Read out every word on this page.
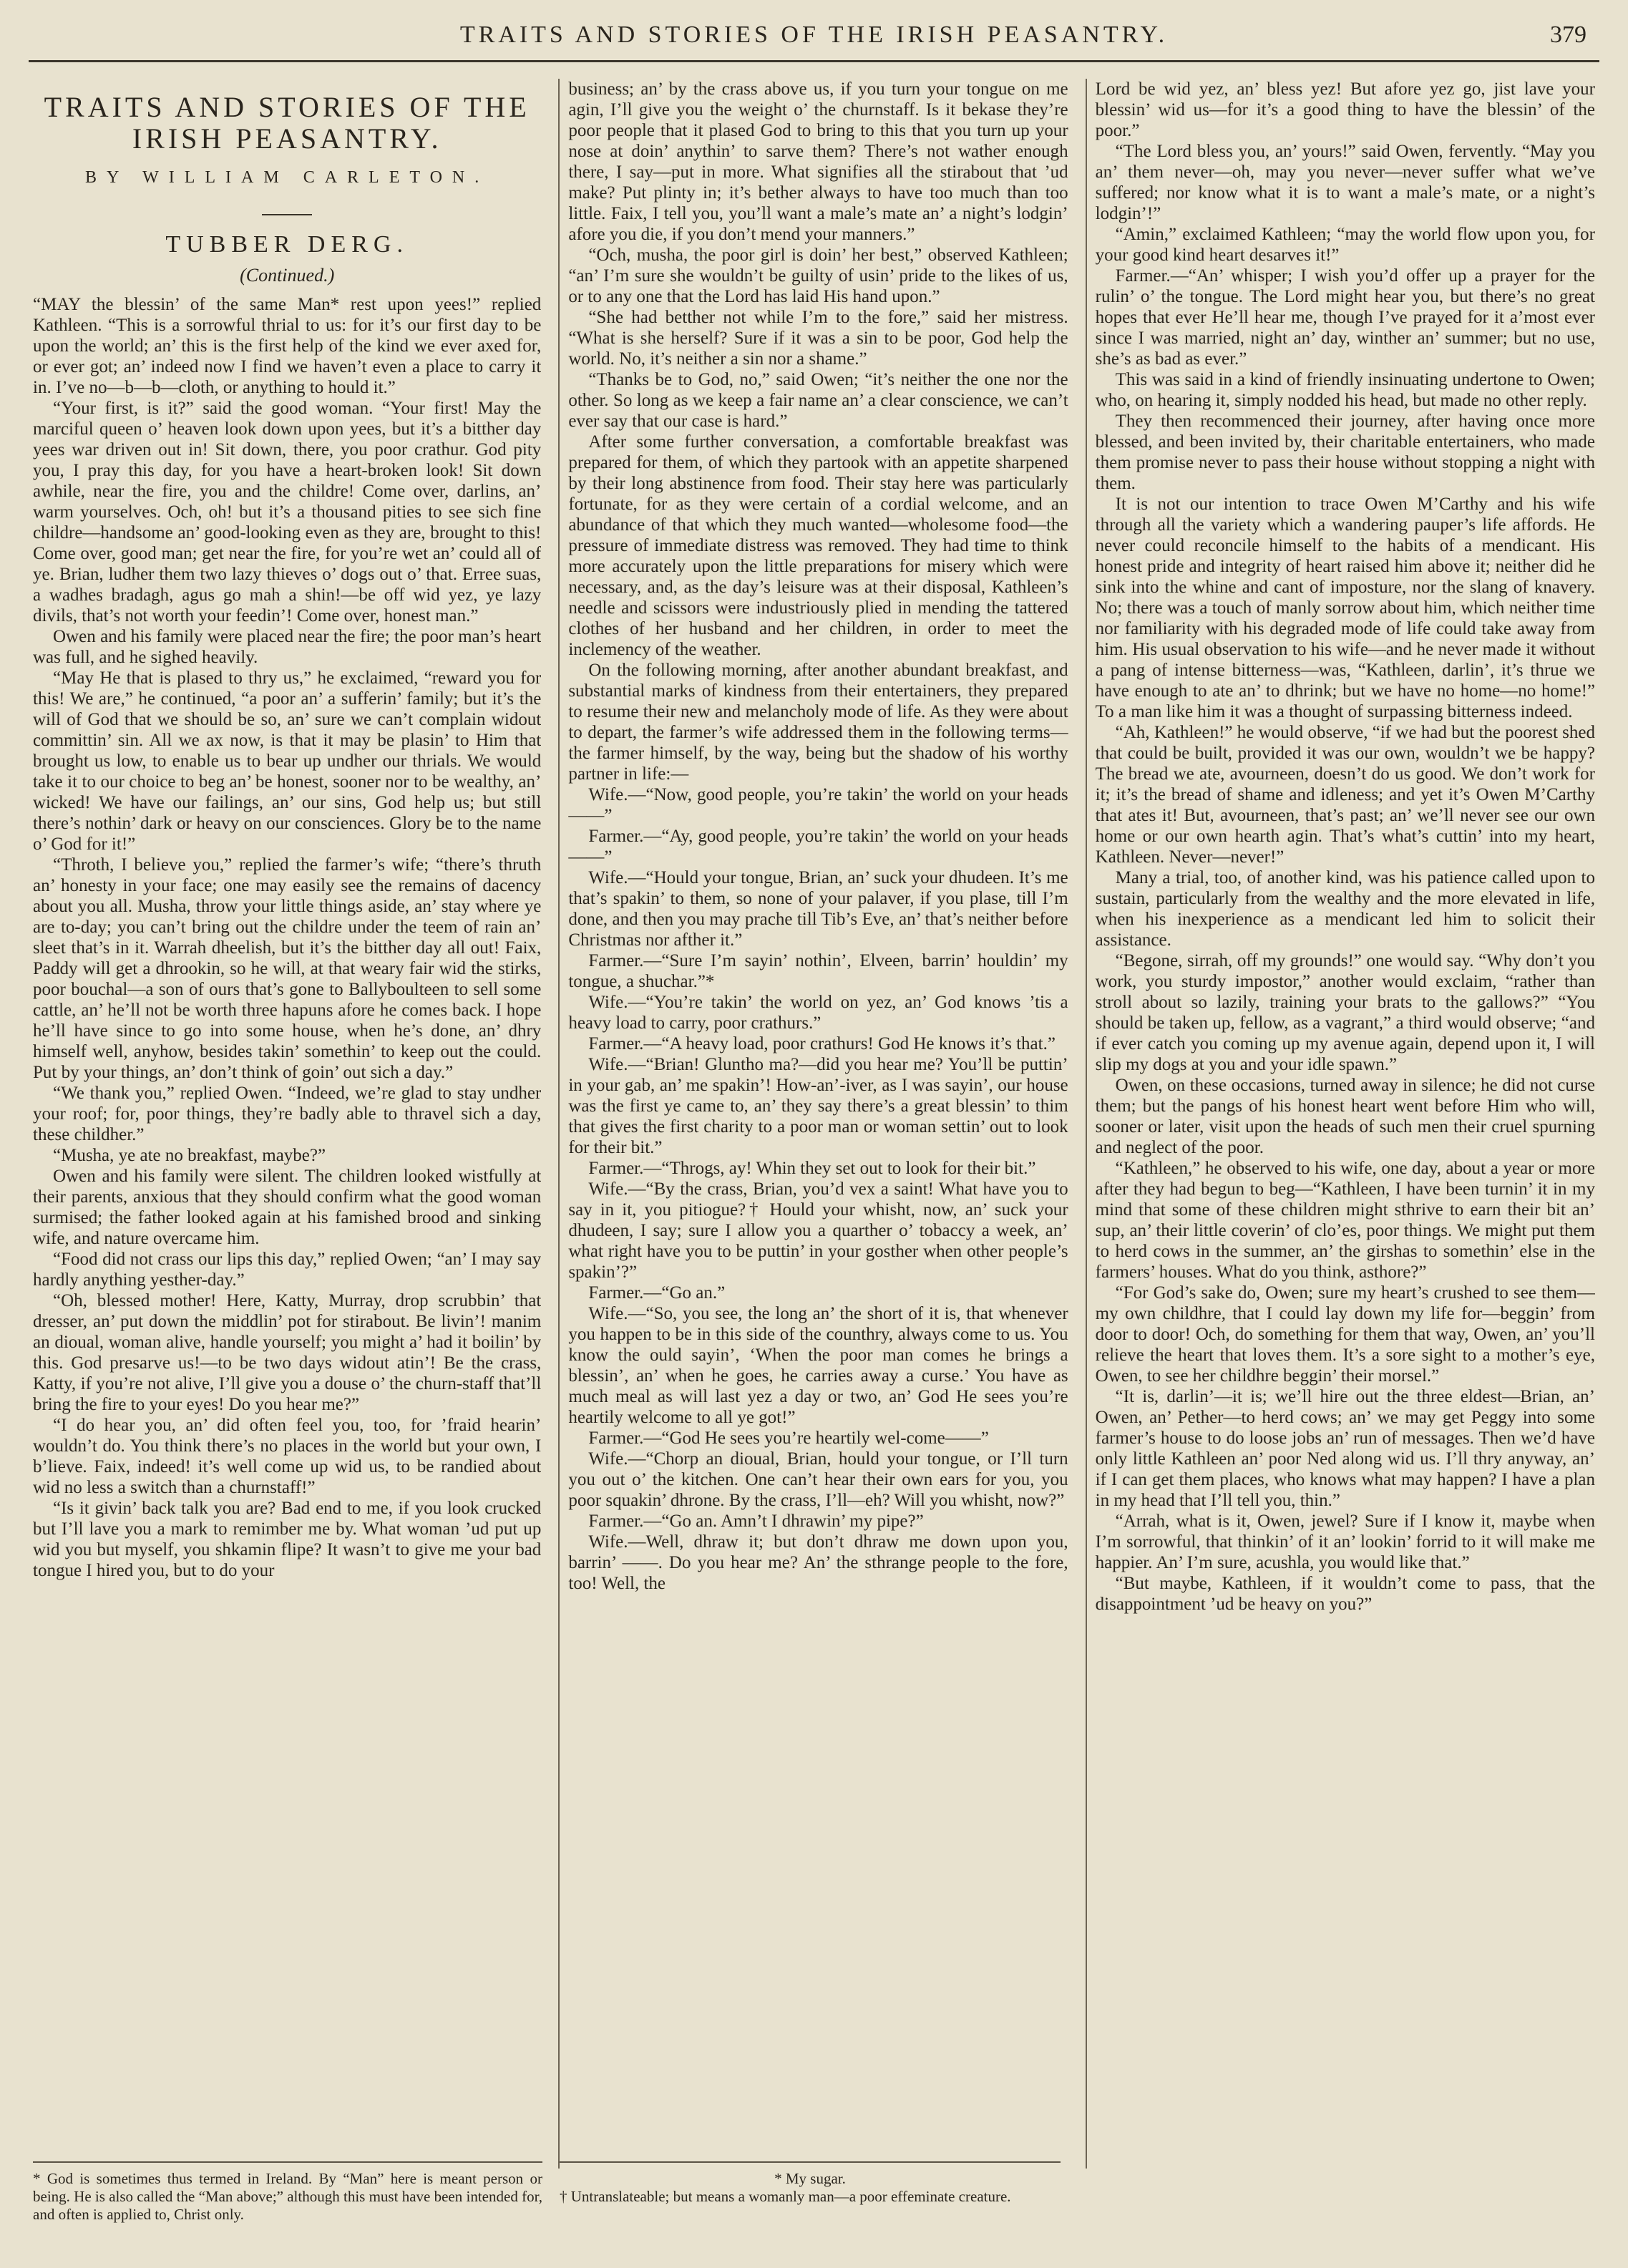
TRAITS AND STORIES OF THE IRISH PEASANTRY.	379
TRAITS AND STORIES OF THE IRISH PEASANTRY.
BY WILLIAM CARLETON.
TUBBER DERG.
(Continued.)

“MAY the blessin’ of the same Man* rest upon yees!” replied Kathleen. “This is a sorrowful thrial to us: for it’s our first day to be upon the world; an’ this is the first help of the kind we ever axed for, or ever got; an’ indeed now I find we haven’t even a place to carry it in. I’ve no—b—b—cloth, or anything to hould it.”

“Your first, is it?” said the good woman. “Your first! May the marciful queen o’ heaven look down upon yees, but it’s a bitther day yees war driven out in! Sit down, there, you poor crathur. God pity you, I pray this day, for you have a heart-broken look! Sit down awhile, near the fire, you and the childre! Come over, darlins, an’ warm yourselves. Och, oh! but it’s a thousand pities to see sich fine childre—handsome an’ good-looking even as they are, brought to this! Come over, good man; get near the fire, for you’re wet an’ could all of ye. Brian, ludher them two lazy thieves o’ dogs out o’ that. Erree suas, a wadhes bradagh, agus go mah a shin!—be off wid yez, ye lazy divils, that’s not worth your feedin’! Come over, honest man.”

Owen and his family were placed near the fire; the poor man’s heart was full, and he sighed heavily.

“May He that is plased to thry us,” he exclaimed, “reward you for this! We are,” he continued, “a poor an’ a sufferin’ family; but it’s the will of God that we should be so, an’ sure we can’t complain widout committin’ sin. All we ax now, is that it may be plasin’ to Him that brought us low, to enable us to bear up undher our thrials. We would take it to our choice to beg an’ be honest, sooner nor to be wealthy, an’ wicked! We have our failings, an’ our sins, God help us; but still there’s nothin’ dark or heavy on our consciences. Glory be to the name o’ God for it!”

“Throth, I believe you,” replied the farmer’s wife; “there’s thruth an’ honesty in your face; one may easily see the remains of dacency about you all. Musha, throw your little things aside, an’ stay where ye are to-day; you can’t bring out the childre under the teem of rain an’ sleet that’s in it. Warrah dheelish, but it’s the bitther day all out! Faix, Paddy will get a dhrookin, so he will, at that weary fair wid the stirks, poor bouchal—a son of ours that’s gone to Ballyboulteen to sell some cattle, an’ he’ll not be worth three hapuns afore he comes back. I hope he’ll have since to go into some house, when he’s done, an’ dhry himself well, anyhow, besides takin’ somethin’ to keep out the could. Put by your things, an’ don’t think of goin’ out sich a day.”

“We thank you,” replied Owen. “Indeed, we’re glad to stay undher your roof; for, poor things, they’re badly able to thravel sich a day, these childher.”

“Musha, ye ate no breakfast, maybe?”

Owen and his family were silent. The children looked wistfully at their parents, anxious that they should confirm what the good woman surmised; the father looked again at his famished brood and sinking wife, and nature overcame him.

“Food did not crass our lips this day,” replied Owen; “an’ I may say hardly anything yesther-day.”

“Oh, blessed mother! Here, Katty, Murray, drop scrubbin’ that dresser, an’ put down the middlin’ pot for stirabout. Be livin’! manim an dioual, woman alive, handle yourself; you might a’ had it boilin’ by this. God presarve us!—to be two days widout atin’! Be the crass, Katty, if you’re not alive, I’ll give you a douse o’ the churn-staff that’ll bring the fire to your eyes! Do you hear me?”

“I do hear you, an’ did often feel you, too, for ’fraid hearin’ wouldn’t do. You think there’s no places in the world but your own, I b’lieve. Faix, indeed! it’s well come up wid us, to be randied about wid no less a switch than a churnstaff!”

“Is it givin’ back talk you are? Bad end to me, if you look crucked but I’ll lave you a mark to remimber me by. What woman ’ud put up wid you but myself, you shkamin flipe? It wasn’t to give me your bad tongue I hired you, but to do your

business; an’ by the crass above us, if you turn your tongue on me agin, I’ll give you the weight o’ the churnstaff. Is it bekase they’re poor people that it plased God to bring to this that you turn up your nose at doin’ anythin’ to sarve them? There’s not wather enough there, I say—put in more. What signifies all the stirabout that ’ud make? Put plinty in; it’s bether always to have too much than too little. Faix, I tell you, you’ll want a male’s mate an’ a night’s lodgin’ afore you die, if you don’t mend your manners.”

“Och, musha, the poor girl is doin’ her best,” observed Kathleen; “an’ I’m sure she wouldn’t be guilty of usin’ pride to the likes of us, or to any one that the Lord has laid His hand upon.”

“She had betther not while I’m to the fore,” said her mistress. “What is she herself? Sure if it was a sin to be poor, God help the world. No, it’s neither a sin nor a shame.”

“Thanks be to God, no,” said Owen; “it’s neither the one nor the other. So long as we keep a fair name an’ a clear conscience, we can’t ever say that our case is hard.”

After some further conversation, a comfortable breakfast was prepared for them, of which they partook with an appetite sharpened by their long abstinence from food. Their stay here was particularly fortunate, for as they were certain of a cordial welcome, and an abundance of that which they much wanted—wholesome food—the pressure of immediate distress was removed. They had time to think more accurately upon the little preparations for misery which were necessary, and, as the day’s leisure was at their disposal, Kathleen’s needle and scissors were industriously plied in mending the tattered clothes of her husband and her children, in order to meet the inclemency of the weather.

On the following morning, after another abundant breakfast, and substantial marks of kindness from their entertainers, they prepared to resume their new and melancholy mode of life. As they were about to depart, the farmer’s wife addressed them in the following terms—the farmer himself, by the way, being but the shadow of his worthy partner in life:—

Wife.—“Now, good people, you’re takin’ the world on your heads——”

Farmer.—“Ay, good people, you’re takin’ the world on your heads——”

Wife.—“Hould your tongue, Brian, an’ suck your dhudeen. It’s me that’s spakin’ to them, so none of your palaver, if you plase, till I’m done, and then you may prache till Tib’s Eve, an’ that’s neither before Christmas nor afther it.”

Farmer.—“Sure I’m sayin’ nothin’, Elveen, barrin’ houldin’ my tongue, a shuchar.”*

Wife.—“You’re takin’ the world on yez, an’ God knows ’tis a heavy load to carry, poor crathurs.”

Farmer.—“A heavy load, poor crathurs! God He knows it’s that.”

Wife.—“Brian! Gluntho ma?—did you hear me? You’ll be puttin’ in your gab, an’ me spakin’! How-an’-iver, as I was sayin’, our house was the first ye came to, an’ they say there’s a great blessin’ to thim that gives the first charity to a poor man or woman settin’ out to look for their bit.”

Farmer.—“Throgs, ay! Whin they set out to look for their bit.”

Wife.—“By the crass, Brian, you’d vex a saint! What have you to say in it, you pitiogue?† Hould your whisht, now, an’ suck your dhudeen, I say; sure I allow you a quarther o’ tobaccy a week, an’ what right have you to be puttin’ in your gosther when other people’s spakin’?”

Farmer.—“Go an.”

Wife.—“So, you see, the long an’ the short of it is, that whenever you happen to be in this side of the counthry, always come to us. You know the ould sayin’, ‘When the poor man comes he brings a blessin’, an’ when he goes, he carries away a curse.’ You have as much meal as will last yez a day or two, an’ God He sees you’re heartily welcome to all ye got!”

Farmer.—“God He sees you’re heartily wel-come——”

Wife.—“Chorp an dioual, Brian, hould your tongue, or I’ll turn you out o’ the kitchen. One can’t hear their own ears for you, you poor squakin’ dhrone. By the crass, I’ll—eh? Will you whisht, now?”

Farmer.—“Go an. Amn’t I dhrawin’ my pipe?”

Wife.—Well, dhraw it; but don’t dhraw me down upon you, barrin’ ——. Do you hear me? An’ the sthrange people to the fore, too! Well, the

Lord be wid yez, an’ bless yez! But afore yez go, jist lave your blessin’ wid us—for it’s a good thing to have the blessin’ of the poor.”

“The Lord bless you, an’ yours!” said Owen, fervently. “May you an’ them never—oh, may you never—never suffer what we’ve suffered; nor know what it is to want a male’s mate, or a night’s lodgin’!”

“Amin,” exclaimed Kathleen; “may the world flow upon you, for your good kind heart desarves it!”

Farmer.—“An’ whisper; I wish you’d offer up a prayer for the rulin’ o’ the tongue. The Lord might hear you, but there’s no great hopes that ever He’ll hear me, though I’ve prayed for it a’most ever since I was married, night an’ day, winther an’ summer; but no use, she’s as bad as ever.”

This was said in a kind of friendly insinuating undertone to Owen; who, on hearing it, simply nodded his head, but made no other reply.

They then recommenced their journey, after having once more blessed, and been invited by, their charitable entertainers, who made them promise never to pass their house without stopping a night with them.

It is not our intention to trace Owen M’Carthy and his wife through all the variety which a wandering pauper’s life affords. He never could reconcile himself to the habits of a mendicant. His honest pride and integrity of heart raised him above it; neither did he sink into the whine and cant of imposture, nor the slang of knavery. No; there was a touch of manly sorrow about him, which neither time nor familiarity with his degraded mode of life could take away from him. His usual observation to his wife—and he never made it without a pang of intense bitterness—was, “Kathleen, darlin’, it’s thrue we have enough to ate an’ to dhrink; but we have no home—no home!” To a man like him it was a thought of surpassing bitterness indeed.

“Ah, Kathleen!” he would observe, “if we had but the poorest shed that could be built, provided it was our own, wouldn’t we be happy? The bread we ate, avourneen, doesn’t do us good. We don’t work for it; it’s the bread of shame and idleness; and yet it’s Owen M’Carthy that ates it! But, avourneen, that’s past; an’ we’ll never see our own home or our own hearth agin. That’s what’s cuttin’ into my heart, Kathleen. Never—never!”

Many a trial, too, of another kind, was his patience called upon to sustain, particularly from the wealthy and the more elevated in life, when his inexperience as a mendicant led him to solicit their assistance.

“Begone, sirrah, off my grounds!” one would say. “Why don’t you work, you sturdy impostor,” another would exclaim, “rather than stroll about so lazily, training your brats to the gallows?” “You should be taken up, fellow, as a vagrant,” a third would observe; “and if ever catch you coming up my avenue again, depend upon it, I will slip my dogs at you and your idle spawn.”

Owen, on these occasions, turned away in silence; he did not curse them; but the pangs of his honest heart went before Him who will, sooner or later, visit upon the heads of such men their cruel spurning and neglect of the poor.

“Kathleen,” he observed to his wife, one day, about a year or more after they had begun to beg—“Kathleen, I have been turnin’ it in my mind that some of these children might sthrive to earn their bit an’ sup, an’ their little coverin’ of clo’es, poor things. We might put them to herd cows in the summer, an’ the girshas to somethin’ else in the farmers’ houses. What do you think, asthore?”

“For God’s sake do, Owen; sure my heart’s crushed to see them—my own childhre, that I could lay down my life for—beggin’ from door to door! Och, do something for them that way, Owen, an’ you’ll relieve the heart that loves them. It’s a sore sight to a mother’s eye, Owen, to see her childhre beggin’ their morsel.”

“It is, darlin’—it is; we’ll hire out the three eldest—Brian, an’ Owen, an’ Pether—to herd cows; an’ we may get Peggy into some farmer’s house to do loose jobs an’ run of messages. Then we’d have only little Kathleen an’ poor Ned along wid us. I’ll thry anyway, an’ if I can get them places, who knows what may happen? I have a plan in my head that I’ll tell you, thin.”

“Arrah, what is it, Owen, jewel? Sure if I know it, maybe when I’m sorrowful, that thinkin’ of it an’ lookin’ forrid to it will make me happier. An’ I’m sure, acushla, you would like that.”

“But maybe, Kathleen, if it wouldn’t come to pass, that the disappointment ’ud be heavy on you?”

* God is sometimes thus termed in Ireland. By “Man” here is meant person or being. He is also called the “Man above;” although this must have been intended for, and often is applied to, Christ only.

* My sugar.

† Untranslateable; but means a womanly man—a poor effeminate creature.
